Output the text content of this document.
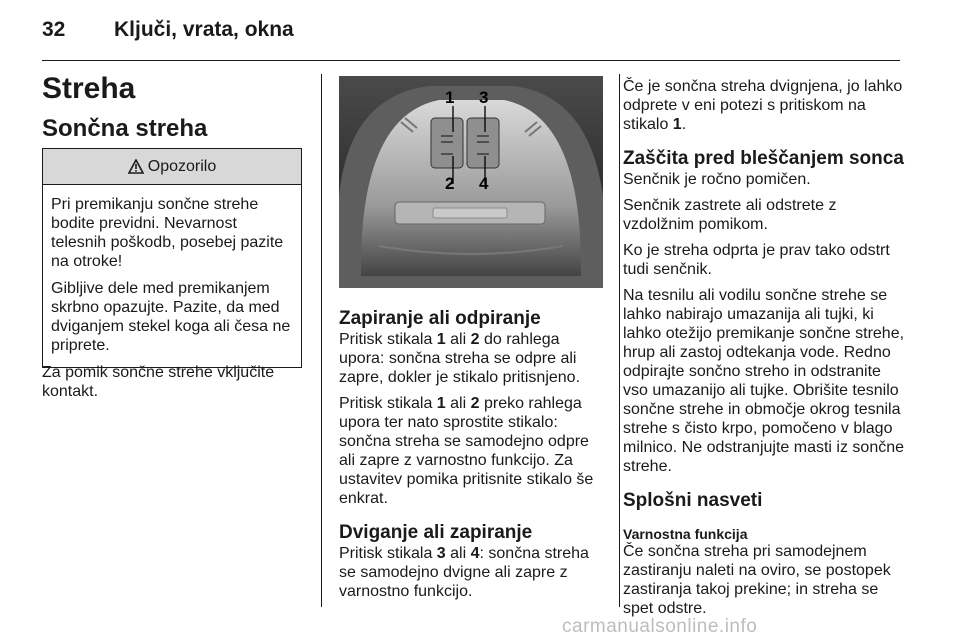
32 Ključi, vrata, okna
Streha
Sončna streha
Opozorilo

Pri premikanju sončne strehe bodite previdni. Nevarnost telesnih poškodb, posebej pazite na otroke!

Gibljive dele med premikanjem skrbno opazujte. Pazite, da med dviganjem stekel koga ali česa ne priprete.

Za pomik sončne strehe vključite kontakt.

1
2
3
4
Zapiranje ali odpiranje

Pritisk stikala 1 ali 2 do rahlega upora: sončna streha se odpre ali zapre, dokler je stikalo pritisnjeno.

Pritisk stikala 1 ali 2 preko rahlega upora ter nato sprostite stikalo: sončna streha se samodejno odpre ali zapre z varnostno funkcijo. Za ustavitev pomika pritisnite stikalo še enkrat.

Dviganje ali zapiranje

Pritisk stikala 3 ali 4: sončna streha se samodejno dvigne ali zapre z varnostno funkcijo.

Če je sončna streha dvignjena, jo lahko odprete v eni potezi s pritiskom na stikalo 1.

Zaščita pred bleščanjem sonca

Senčnik je ročno pomičen.

Senčnik zastrete ali odstrete z vzdolžnim pomikom.

Ko je streha odprta je prav tako odstrt tudi senčnik.

Na tesnilu ali vodilu sončne strehe se lahko nabirajo umazanija ali tujki, ki lahko otežijo premikanje sončne strehe, hrup ali zastoj odtekanja vode. Redno odpirajte sončno streho in odstranite vso umazanijo ali tujke. Obrišite tesnilo sončne strehe in območje okrog tesnila strehe s čisto krpo, pomočeno v blago milnico. Ne odstranjujte masti iz sončne strehe.

Splošni nasveti
Varnostna funkcija

Če sončna streha pri samodejnem zastiranju naleti na oviro, se postopek zastiranja takoj prekine; in streha se spet odstre.

carmanualsonline.info
